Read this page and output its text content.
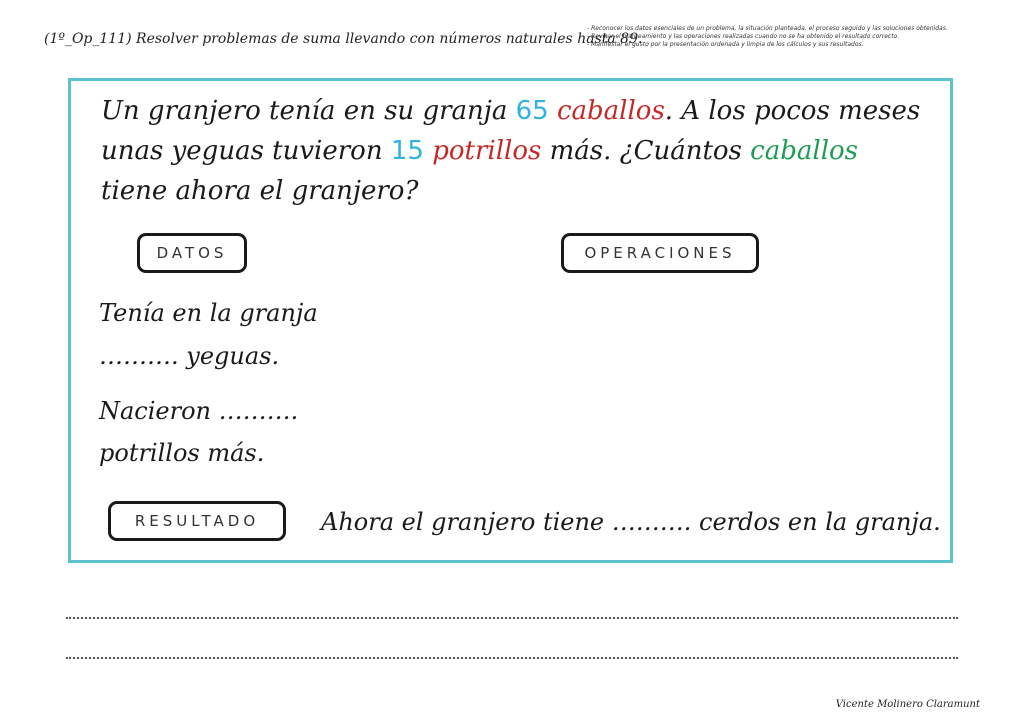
(1º_Op_111) Resolver problemas de suma llevando con números naturales hasta 89.
- Reconocer los datos esenciales de un problema, la situación planteada, el proceso seguido y las soluciones obtenidas.
- Revisar el planteamiento y las operaciones realizadas cuando no se ha obtenido el resultado correcto.
- Manifestar el gusto por la presentación ordenada y limpia de los cálculos y sus resultados.
Un granjero tenía en su granja 65 caballos. A los pocos meses unas yeguas tuvieron 15 potrillos más. ¿Cuántos caballos tiene ahora el granjero?
DATOS	OPERACIONES
Tenía en la granja
………. yeguas.
Nacieron ……….
potrillos más.
RESULTADO	Ahora el granjero tiene ………. cerdos en la granja.
Vicente Molinero Claramunt
